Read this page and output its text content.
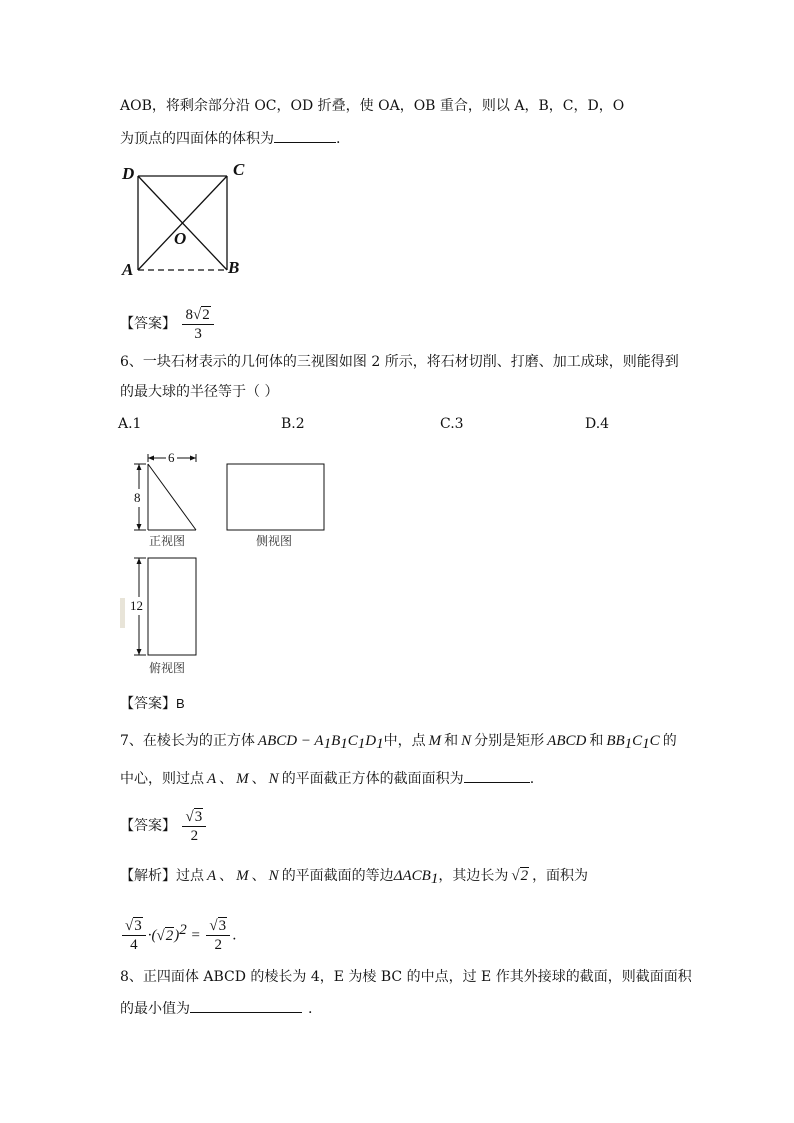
AOB，将剩余部分沿 OC，OD 折叠，使 OA，OB 重合，则以 A，B，C，D，O
为顶点的四面体的体积为	.
D	C
O
A	B
【答案】 $\frac{8√2}{3}$
6、一块石材表示的几何体的三视图如图 2 所示，将石材切削、打磨、加工成球，则能得到
的最大球的半径等于（ ）
A.1	B.2	C.3	D.4
6
8
12
正视图	侧视图
俯视图
【答案】B
7、在棱长为的正方体 ABCD − $A_1B_1C_1D_1$中，点 M 和 N 分别是矩形 ABCD 和 $BB_1C_1C$ 的
中心，则过点 A 、 M 、 N 的平面截正方体的截面面积为	.
【答案】 $\frac{√3}{2}$
【解析】过点 A 、 M 、 N 的平面截面的等边$\Delta ACB_1$，其边长为 √2 ，面积为
$\frac{√3}{4} \cdot(√2)^2 = \frac{√3}{2}$ .
8、正四面体 ABCD 的棱长为 4，E 为棱 BC 的中点，过 E 作其外接球的截面，则截面面积
的最小值为	.
